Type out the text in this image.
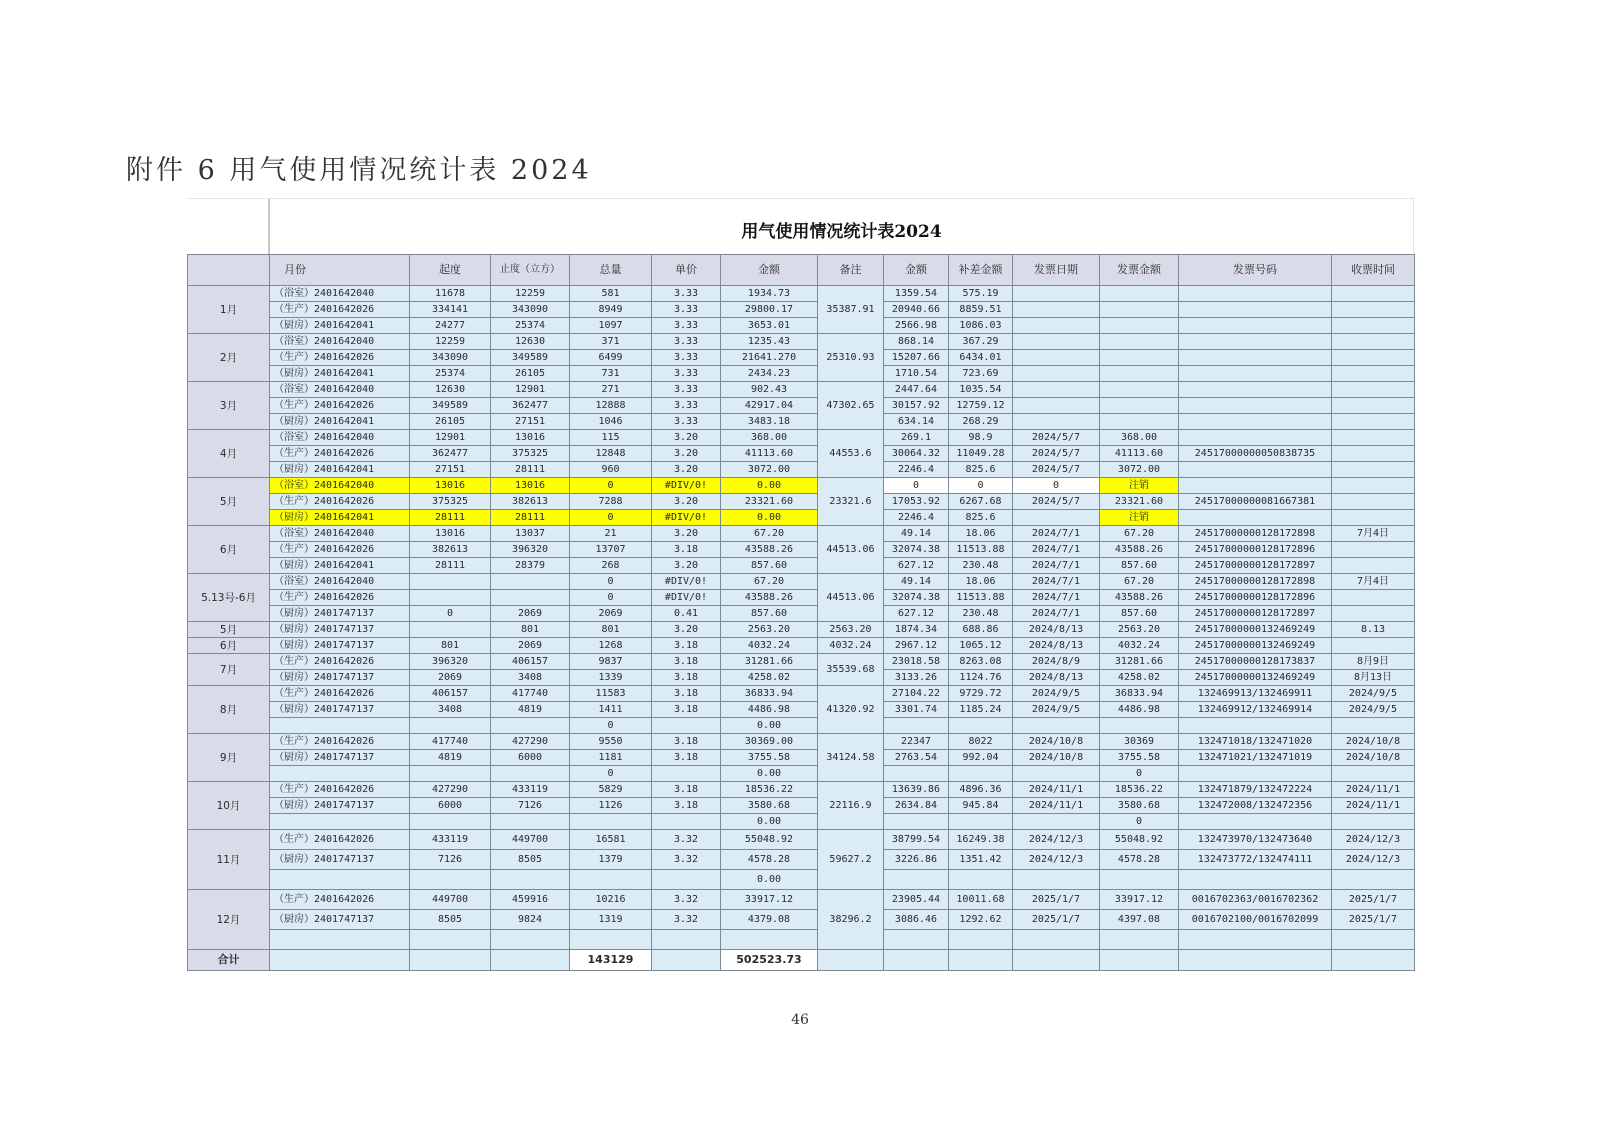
附件 6 用气使用情况统计表 2024
用气使用情况统计表2024
	月份	起度	止度（立方）	总量	单价	金额	备注	金额	补差金额	发票日期	发票金额	发票号码	收票时间
1月	（浴室）2401642040	11678	12259	581	3.33	1934.73	35387.91	1359.54	575.19				
	（生产）2401642026	334141	343090	8949	3.33	29800.17		20940.66	8859.51				
	（厨房）2401642041	24277	25374	1097	3.33	3653.01		2566.98	1086.03				
2月	（浴室）2401642040	12259	12630	371	3.33	1235.43	25310.93	868.14	367.29				
	（生产）2401642026	343090	349589	6499	3.33	21641.270		15207.66	6434.01				
	（厨房）2401642041	25374	26105	731	3.33	2434.23		1710.54	723.69				
3月	（浴室）2401642040	12630	12901	271	3.33	902.43	47302.65	2447.64	1035.54				
	（生产）2401642026	349589	362477	12888	3.33	42917.04		30157.92	12759.12				
	（厨房）2401642041	26105	27151	1046	3.33	3483.18		634.14	268.29				
4月	（浴室）2401642040	12901	13016	115	3.20	368.00	44553.6	269.1	98.9	2024/5/7	368.00		
	（生产）2401642026	362477	375325	12848	3.20	41113.60		30064.32	11049.28	2024/5/7	41113.60	24517000000050838735	
	（厨房）2401642041	27151	28111	960	3.20	3072.00		2246.4	825.6	2024/5/7	3072.00		
5月	（浴室）2401642040	13016	13016	0	#DIV/0!	0.00	23321.6	0	0	0	注销		
	（生产）2401642026	375325	382613	7288	3.20	23321.60		17053.92	6267.68	2024/5/7	23321.60	24517000000081667381	
	（厨房）2401642041	28111	28111	0	#DIV/0!	0.00		2246.4	825.6		注销		
6月	（浴室）2401642040	13016	13037	21	3.20	67.20	44513.06	49.14	18.06	2024/7/1	67.20	24517000000128172898	7月4日
	（生产）2401642026	382613	396320	13707	3.18	43588.26		32074.38	11513.88	2024/7/1	43588.26	24517000000128172896	
	（厨房）2401642041	28111	28379	268	3.20	857.60		627.12	230.48	2024/7/1	857.60	24517000000128172897	
5.13号-6月	（浴室）2401642040			0	#DIV/0!	67.20	44513.06	49.14	18.06	2024/7/1	67.20	24517000000128172898	7月4日
	（生产）2401642026			0	#DIV/0!	43588.26		32074.38	11513.88	2024/7/1	43588.26	24517000000128172896	
	（厨房）2401747137	0	2069	2069	0.41	857.60		627.12	230.48	2024/7/1	857.60	24517000000128172897	
5月	（厨房）2401747137		801	801	3.20	2563.20	2563.20	1874.34	688.86	2024/8/13	2563.20	24517000000132469249	8.13
6月	（厨房）2401747137	801	2069	1268	3.18	4032.24	4032.24	2967.12	1065.12	2024/8/13	4032.24	24517000000132469249	
7月	（生产）2401642026	396320	406157	9837	3.18	31281.66	35539.68	23018.58	8263.08	2024/8/9	31281.66	24517000000128173837	8月9日
	（厨房）2401747137	2069	3408	1339	3.18	4258.02		3133.26	1124.76	2024/8/13	4258.02	24517000000132469249	8月13日
8月	（生产）2401642026	406157	417740	11583	3.18	36833.94	41320.92	27104.22	9729.72	2024/9/5	36833.94	132469913/132469911	2024/9/5
	（厨房）2401747137	3408	4819	1411	3.18	4486.98		3301.74	1185.24	2024/9/5	4486.98	132469912/132469914	2024/9/5
				0		0.00							
9月	（生产）2401642026	417740	427290	9550	3.18	30369.00	34124.58	22347	8022	2024/10/8	30369	132471018/132471020	2024/10/8
	（厨房）2401747137	4819	6000	1181	3.18	3755.58		2763.54	992.04	2024/10/8	3755.58	132471021/132471019	2024/10/8
				0		0.00					0		
10月	（生产）2401642026	427290	433119	5829	3.18	18536.22	22116.9	13639.86	4896.36	2024/11/1	18536.22	132471879/132472224	2024/11/1
	（厨房）2401747137	6000	7126	1126	3.18	3580.68		2634.84	945.84	2024/11/1	3580.68	132472008/132472356	2024/11/1
						0.00					0		
11月	（生产）2401642026	433119	449700	16581	3.32	55048.92	59627.2	38799.54	16249.38	2024/12/3	55048.92	132473970/132473640	2024/12/3
	（厨房）2401747137	7126	8505	1379	3.32	4578.28		3226.86	1351.42	2024/12/3	4578.28	132473772/132474111	2024/12/3
						0.00							
12月	（生产）2401642026	449700	459916	10216	3.32	33917.12	38296.2	23905.44	10011.68	2025/1/7	33917.12	0016702363/0016702362	2025/1/7
	（厨房）2401747137	8505	9824	1319	3.32	4379.08		3086.46	1292.62	2025/1/7	4397.08	0016702100/0016702099	2025/1/7

合计				143129		502523.73							
46
